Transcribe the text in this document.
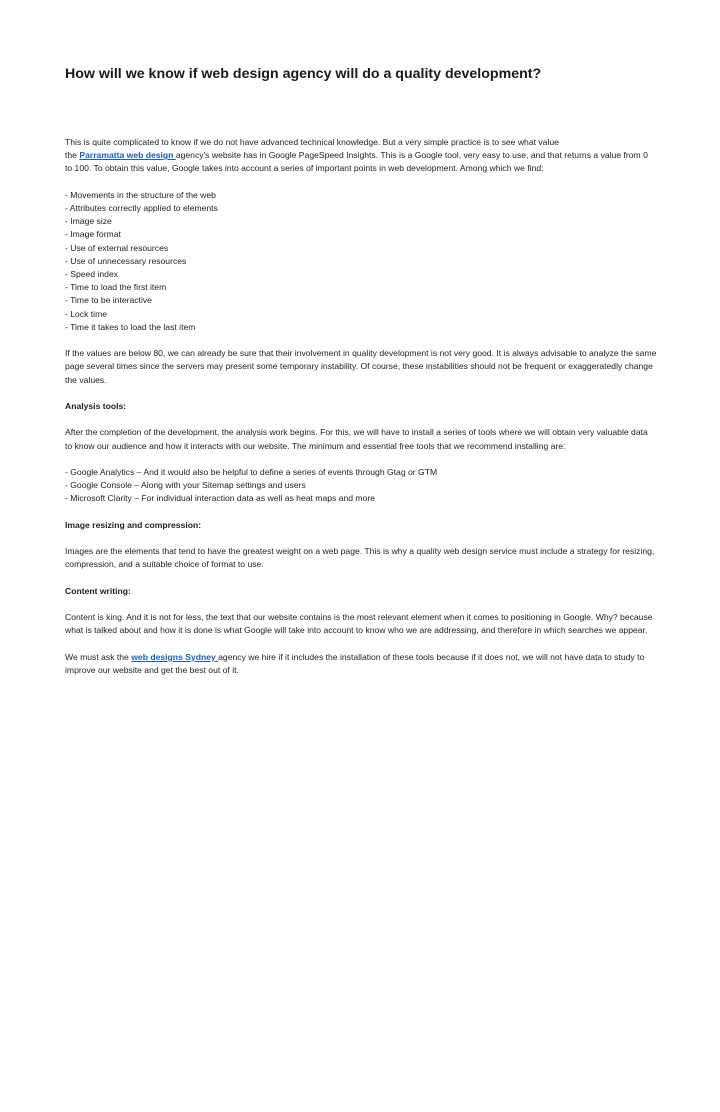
How will we know if web design agency will do a quality development?

This is quite complicated to know if we do not have advanced technical knowledge. But a very simple practice is to see what value
the Parramatta web design agency's website has in Google PageSpeed Insights. This is a Google tool, very easy to use, and that returns a value from 0 to 100. To obtain this value, Google takes into account a series of important points in web development. Among which we find:

- Movements in the structure of the web
- Attributes correctly applied to elements
- Image size
- Image format
- Use of external resources
- Use of unnecessary resources
- Speed index
- Time to load the first item
- Time to be interactive
- Lock time
- Time it takes to load the last item

If the values are below 80, we can already be sure that their involvement in quality development is not very good. It is always advisable to analyze the same page several times since the servers may present some temporary instability. Of course, these instabilities should not be frequent or exaggeratedly change the values.

Analysis tools:

After the completion of the development, the analysis work begins. For this, we will have to install a series of tools where we will obtain very valuable data to know our audience and how it interacts with our website. The minimum and essential free tools that we recommend installing are:

- Google Analytics – And it would also be helpful to define a series of events through Gtag or GTM
- Google Console – Along with your Sitemap settings and users
- Microsoft Clarity – For individual interaction data as well as heat maps and more

Image resizing and compression:

Images are the elements that tend to have the greatest weight on a web page. This is why a quality web design service must include a strategy for resizing, compression, and a suitable choice of format to use.

Content writing:

Content is king. And it is not for less, the text that our website contains is the most relevant element when it comes to positioning in Google. Why? because what is talked about and how it is done is what Google will take into account to know who we are addressing, and therefore in which searches we appear.

We must ask the web designs Sydney agency we hire if it includes the installation of these tools because if it does not, we will not have data to study to improve our website and get the best out of it.
